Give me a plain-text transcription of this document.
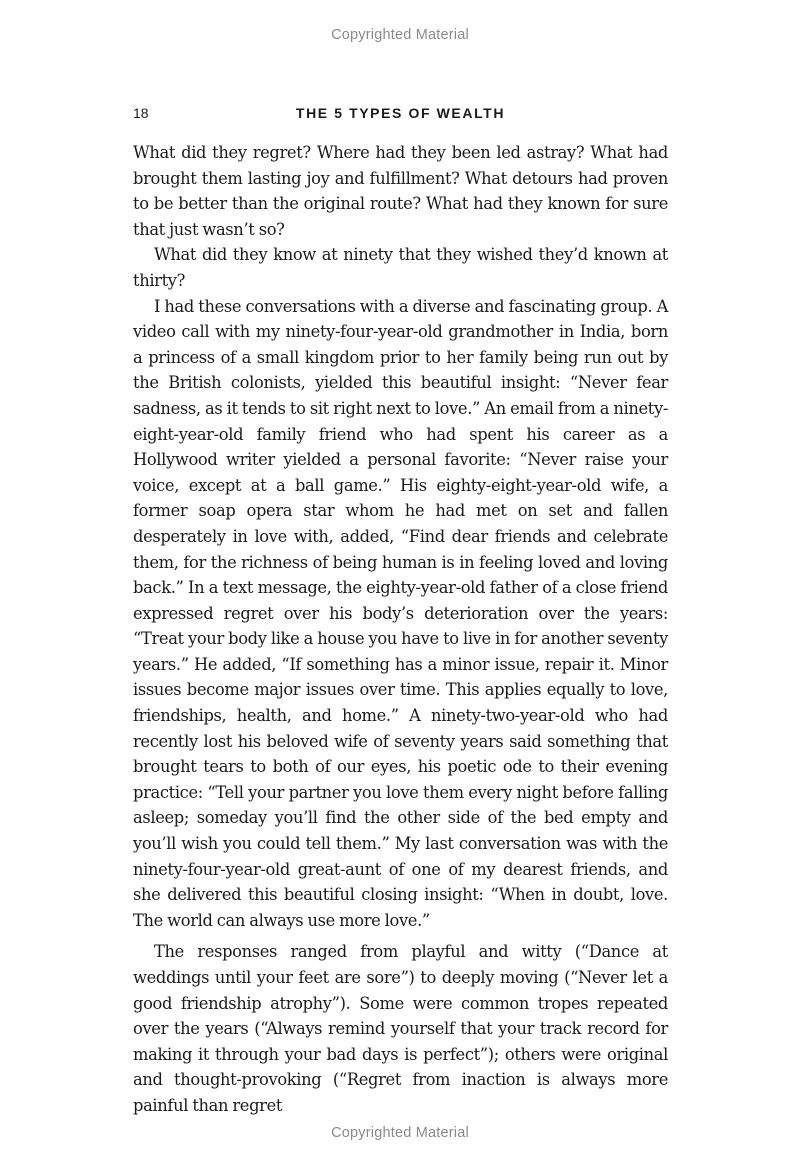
Copyrighted Material
18	THE 5 TYPES OF WEALTH

What did they regret? Where had they been led astray? What had brought them lasting joy and fulfillment? What detours had proven to be better than the original route? What had they known for sure that just wasn’t so?

What did they know at ninety that they wished they’d known at thirty?

I had these conversations with a diverse and fascinating group. A video call with my ninety-four-year-old grandmother in India, born a princess of a small kingdom prior to her family being run out by the British colonists, yielded this beautiful insight: “Never fear sadness, as it tends to sit right next to love.” An email from a ninety-eight-year-old family friend who had spent his career as a Hollywood writer yielded a personal favorite: “Never raise your voice, except at a ball game.” His eighty-eight-year-old wife, a former soap opera star whom he had met on set and fallen desperately in love with, added, “Find dear friends and celebrate them, for the richness of being human is in feeling loved and loving back.” In a text message, the eighty-year-old father of a close friend expressed regret over his body’s deterioration over the years: “Treat your body like a house you have to live in for another seventy years.” He added, “If something has a minor issue, repair it. Minor issues become major issues over time. This applies equally to love, friendships, health, and home.” A ninety-two-year-old who had recently lost his beloved wife of seventy years said something that brought tears to both of our eyes, his poetic ode to their evening practice: “Tell your partner you love them every night before falling asleep; someday you’ll find the other side of the bed empty and you’ll wish you could tell them.” My last conversation was with the ninety-four-year-old great-aunt of one of my dearest friends, and she delivered this beautiful closing insight: “When in doubt, love. The world can always use more love.”

The responses ranged from playful and witty (“Dance at weddings until your feet are sore”) to deeply moving (“Never let a good friendship atrophy”). Some were common tropes repeated over the years (“Always remind yourself that your track record for making it through your bad days is perfect”); others were original and thought-provoking (“Regret from inaction is always more painful than regret

Copyrighted Material
